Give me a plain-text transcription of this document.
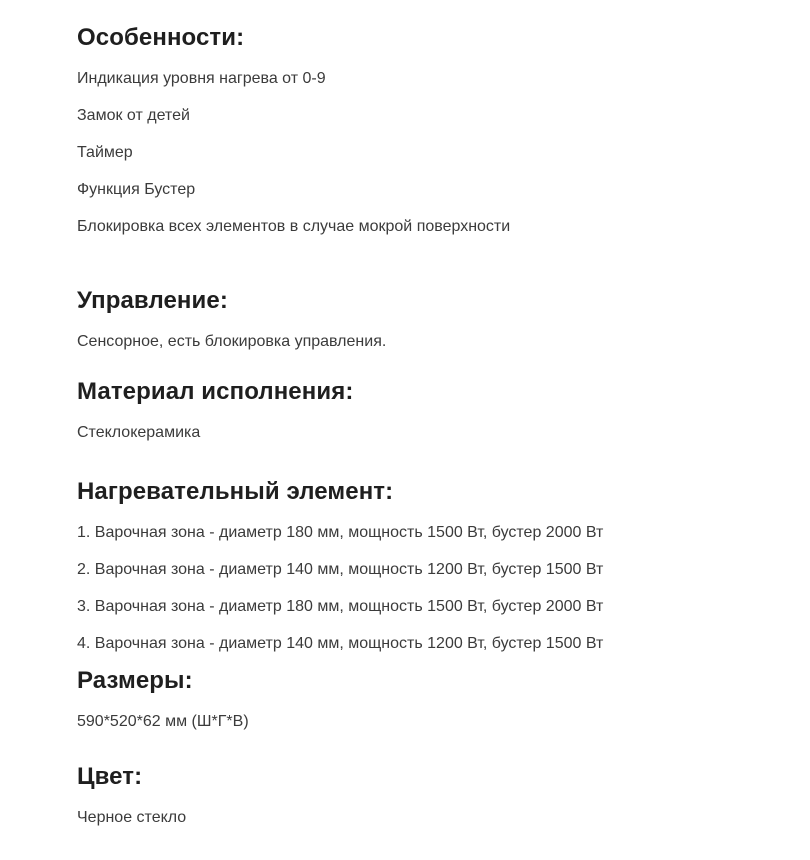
Особенности:

Индикация уровня нагрева от 0-9

Замок от детей

Таймер

Функция Бустер

Блокировка всех элементов в случае мокрой поверхности

Управление:

Сенсорное, есть блокировка управления.

Материал исполнения:

Стеклокерамика

Нагревательный элемент:

1. Варочная зона - диаметр 180 мм, мощность 1500 Вт, бустер 2000 Вт

2. Варочная зона - диаметр 140 мм, мощность 1200 Вт, бустер 1500 Вт

3. Варочная зона - диаметр 180 мм, мощность 1500 Вт, бустер 2000 Вт

4. Варочная зона - диаметр 140 мм, мощность 1200 Вт, бустер 1500 Вт

Размеры:

590*520*62 мм (Ш*Г*В)

Цвет:

Черное стекло
